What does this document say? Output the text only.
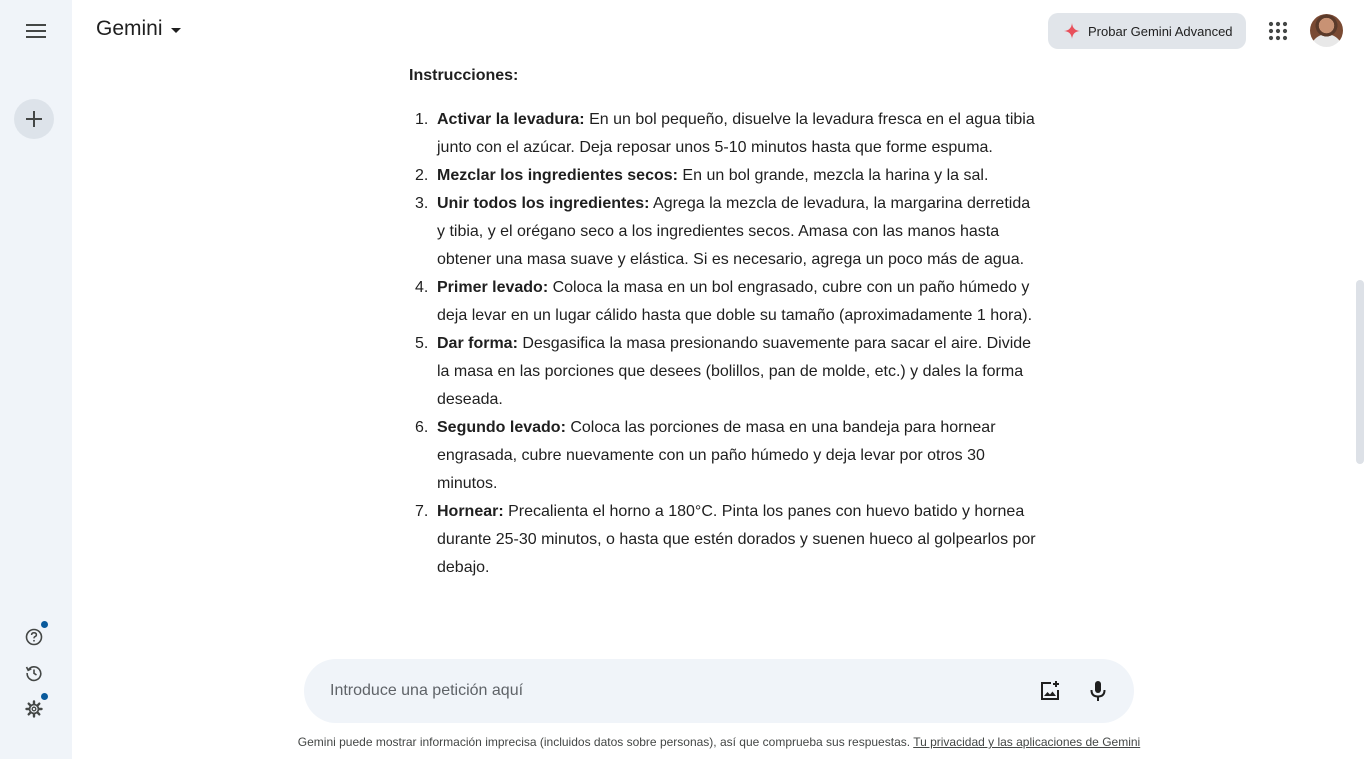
Gemini	Probar Gemini Advanced
Instrucciones:
1. Activar la levadura: En un bol pequeño, disuelve la levadura fresca en el agua tibia junto con el azúcar. Deja reposar unos 5-10 minutos hasta que forme espuma.
2. Mezclar los ingredientes secos: En un bol grande, mezcla la harina y la sal.
3. Unir todos los ingredientes: Agrega la mezcla de levadura, la margarina derretida y tibia, y el orégano seco a los ingredientes secos. Amasa con las manos hasta obtener una masa suave y elástica. Si es necesario, agrega un poco más de agua.
4. Primer levado: Coloca la masa en un bol engrasado, cubre con un paño húmedo y deja levar en un lugar cálido hasta que doble su tamaño (aproximadamente 1 hora).
5. Dar forma: Desgasifica la masa presionando suavemente para sacar el aire. Divide la masa en las porciones que desees (bolillos, pan de molde, etc.) y dales la forma deseada.
6. Segundo levado: Coloca las porciones de masa en una bandeja para hornear engrasada, cubre nuevamente con un paño húmedo y deja levar por otros 30 minutos.
7. Hornear: Precalienta el horno a 180°C. Pinta los panes con huevo batido y hornea durante 25-30 minutos, o hasta que estén dorados y suenen hueco al golpearlos por debajo.
Introduce una petición aquí
Gemini puede mostrar información imprecisa (incluidos datos sobre personas), así que comprueba sus respuestas. Tu privacidad y las aplicaciones de Gemini
